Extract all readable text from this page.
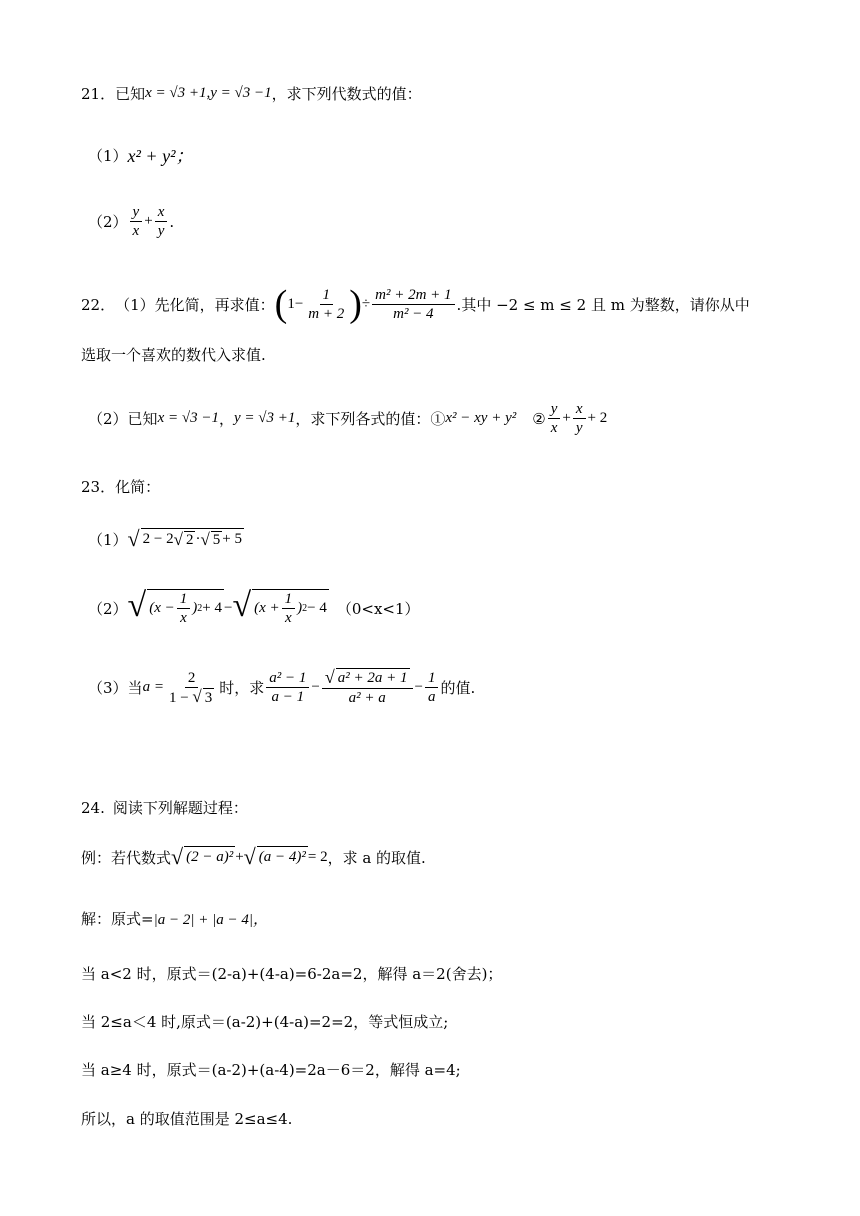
21． 已知 x = √3 +1, y = √3 −1 ，求下列代数式的值：
（1） x² + y²；
$(2) \frac{y}{x} + \frac{x}{y}$ .
22． （1） 先化简，再求值： ( $1- \frac{1}{m + 2}$ ) ÷ $\frac{\text{m² + 2m + 1}}{\text{m² − 4}}$ .其中 −2 ≤ m ≤ 2 且 m 为整数，请你从中
选取一个喜欢的数代入求值.
（2） 已知 x = √3 −1 ， y = √3 +1 ，求下列各式的值：① x² − xy + y² ② $\frac{y}{x} + \frac{x}{y} + 2$
23． 化简：
（1） √ 2 − 2 √ 2 · √ 5 + 5
（2） √ ($x - \frac{1}{x}$ ) 2 + 4 − √ ($x + \frac{1}{x}$ ) 2 − 4 （0<x<1）
（3） 当 $a = \frac{2}{1 - √ 3}$ 时，求 $\frac{\text{a² − 1}}{a - 1} - \frac{\text{√ a² + 2a + 1}}{\text{a² + a}} - \frac{1}{a}$ 的值.
24. 阅读下列解题过程：
例：若代数式 √ (2 − a)² + √ (a − 4)² = 2 ，求 a 的取值.
解：原式= |a − 2| + |a − 4|，
当 a<2 时，原式＝(2-a)+(4-a)=6-2a=2，解得 a＝2(舍去)；
当 2≤a＜4 时,原式＝(a-2)+(4-a)=2=2，等式恒成立;
当 a≥4 时，原式＝(a-2)+(a-4)=2a－6＝2，解得 a=4;
所以，a 的取值范围是 2≤a≤4.
